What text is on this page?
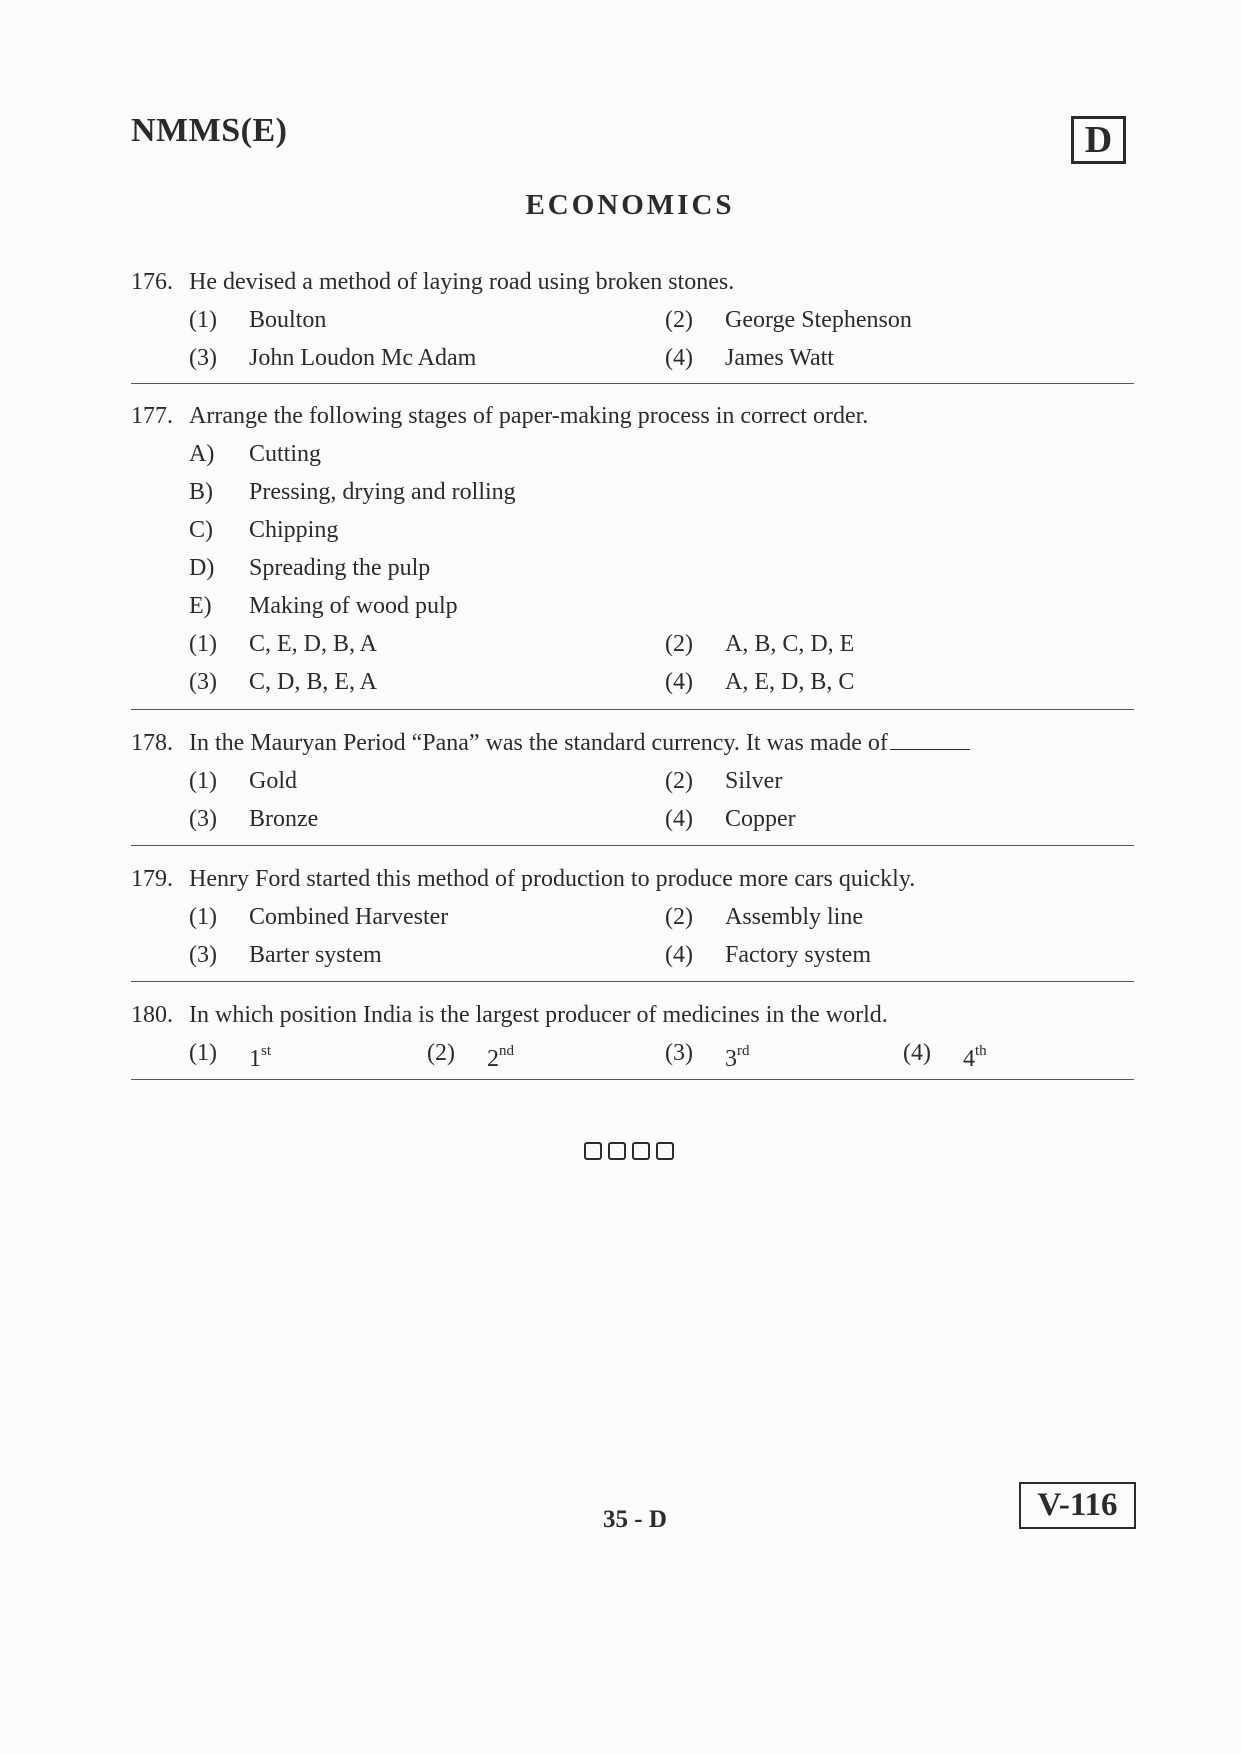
NMMS(E)	D
ECONOMICS
176. He devised a method of laying road using broken stones.
(1)	Boulton	(2)	George Stephenson
(3)	John Loudon Mc Adam	(4)	James Watt
177. Arrange the following stages of paper-making process in correct order.
A)	Cutting
B)	Pressing, drying and rolling
C)	Chipping
D)	Spreading the pulp
E)	Making of wood pulp
(1)	C, E, D, B, A	(2)	A, B, C, D, E
(3)	C, D, B, E, A	(4)	A, E, D, B, C
178. In the Mauryan Period “Pana” was the standard currency. It was made of
(1)	Gold	(2)	Silver
(3)	Bronze	(4)	Copper
179. Henry Ford started this method of production to produce more cars quickly.
(1)	Combined Harvester	(2)	Assembly line
(3)	Barter system	(4)	Factory system
180. In which position India is the largest producer of medicines in the world.
(1)	1st	(2)	2nd	(3)	3rd	(4)	4th
35 - D	V-116
